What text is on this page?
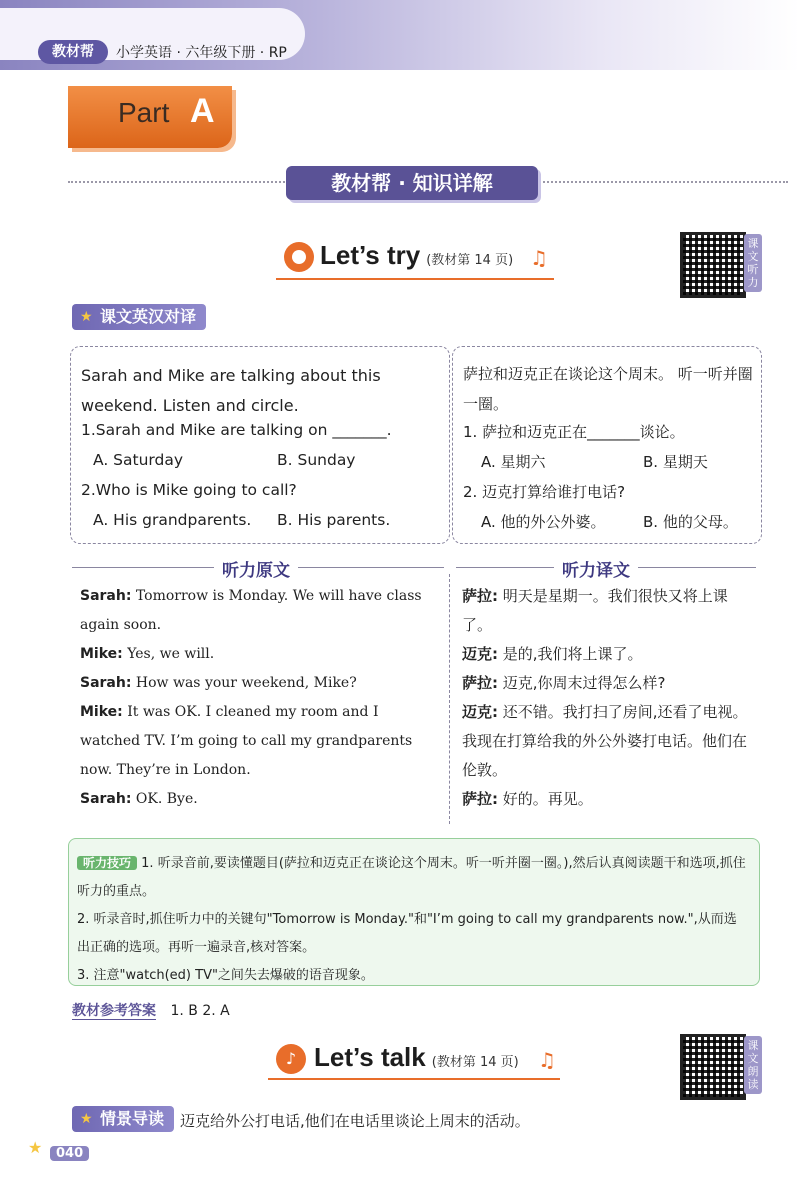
教材帮	小学英语 · 六年级下册 · RP
Part A
教材帮 · 知识详解
Let’s try (教材第 14 页) ♫
课文听力
★ 课文英汉对译
Sarah and Mike are talking about this weekend. Listen and circle.
1.Sarah and Mike are talking on _______.
A. Saturday	B. Sunday
2.Who is Mike going to call?
A. His grandparents. B. His parents.
萨拉和迈克正在谈论这个周末。 听一听并圈一圈。
1. 萨拉和迈克正在_______谈论。
A. 星期六	B. 星期天
2. 迈克打算给谁打电话?
A. 他的外公外婆。 B. 他的父母。
听力原文	听力译文
Sarah: Tomorrow is Monday. We will have class again soon.
Mike: Yes, we will.
Sarah: How was your weekend, Mike?
Mike: It was OK. I cleaned my room and I watched TV. I’m going to call my grandparents now. They’re in London.
Sarah: OK. Bye.
萨拉: 明天是星期一。我们很快又将上课了。
迈克: 是的,我们将上课了。
萨拉: 迈克,你周末过得怎么样?
迈克: 还不错。我打扫了房间,还看了电视。我现在打算给我的外公外婆打电话。他们在伦敦。
萨拉: 好的。再见。
听力技巧 1. 听录音前,要读懂题目(萨拉和迈克正在谈论这个周末。听一听并圈一圈。),然后认真阅读题干和选项,抓住听力的重点。
2. 听录音时,抓住听力中的关键句"Tomorrow is Monday."和"I’m going to call my grandparents now.",从而选出正确的选项。再听一遍录音,核对答案。
3. 注意"watch(ed) TV"之间失去爆破的语音现象。
教材参考答案 1. B 2. A
♪ Let’s talk (教材第 14 页) ♫
课文朗读
★ 情景导读	迈克给外公打电话,他们在电话里谈论上周末的活动。
★	040
